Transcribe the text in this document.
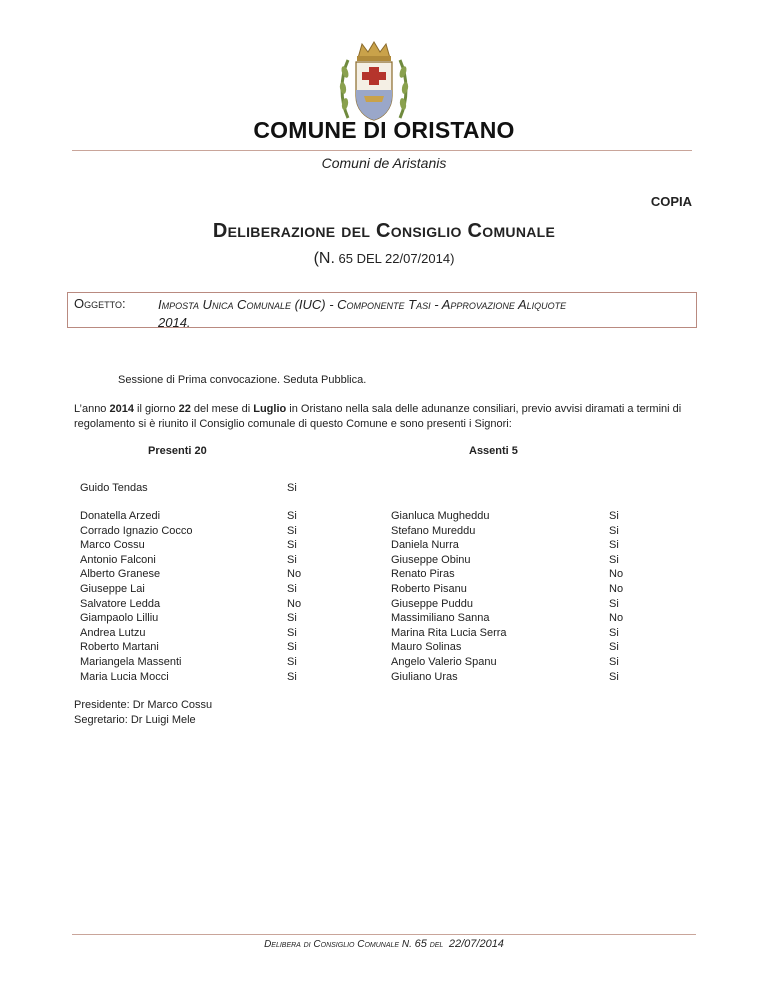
COMUNE DI ORISTANO
Comuni de Aristanis
COPIA
Deliberazione del Consiglio Comunale
(N. 65 DEL 22/07/2014)
Oggetto: Imposta Unica Comunale (IUC) - Componente Tasi - Approvazione Aliquote
2014.
Sessione di Prima convocazione. Seduta Pubblica.
L’anno 2014 il giorno 22 del mese di Luglio in Oristano nella sala delle adunanze consiliari, previo avvisi diramati a termini di regolamento si è riunito il Consiglio comunale di questo Comune e sono presenti i Signori:
Presenti 20	Assenti 5
Guido Tendas	Si
Donatella Arzedi
Corrado Ignazio Cocco
Marco Cossu
Antonio Falconi
Alberto Granese
Giuseppe Lai
Salvatore Ledda
Giampaolo Lilliu
Andrea Lutzu
Roberto Martani
Mariangela Massenti
Maria Lucia Mocci
Si
Si
Si
Si
No
Si
No
Si
Si
Si
Si
Si
Gianluca Mugheddu
Stefano Mureddu
Daniela Nurra
Giuseppe Obinu
Renato Piras
Roberto Pisanu
Giuseppe Puddu
Massimiliano Sanna
Marina Rita Lucia Serra
Mauro Solinas
Angelo Valerio Spanu
Giuliano Uras
Si
Si
Si
Si
No
No
Si
No
Si
Si
Si
Si
Presidente: Dr Marco Cossu
Segretario: Dr Luigi Mele
Delibera di Consiglio Comunale N. 65 del 22/07/2014
